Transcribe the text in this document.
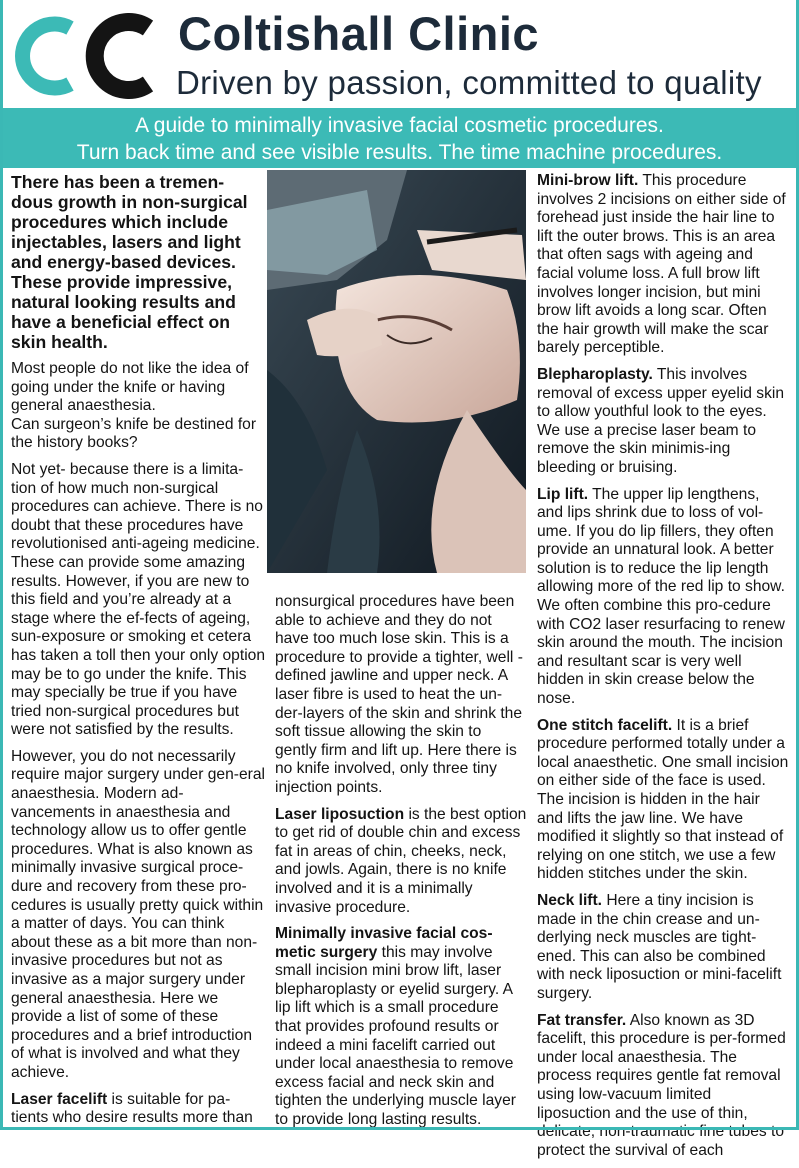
Coltishall Clinic
Driven by passion, committed to quality
A guide to minimally invasive facial cosmetic procedures.
Turn back time and see visible results. The time machine procedures.

There has been a tremen-dous growth in non-surgical procedures which include injectables, lasers and light and energy-based devices. These provide impressive, natural looking results and have a beneficial effect on skin health.

Most people do not like the idea of going under the knife or having general anaesthesia.
Can surgeon’s knife be destined for the history books?

Not yet- because there is a limita-tion of how much non-surgical procedures can achieve. There is no doubt that these procedures have revolutionised anti-ageing medicine. These can provide some amazing results. However, if you are new to this field and you’re already at a stage where the ef-fects of ageing, sun-exposure or smoking et cetera has taken a toll then your only option may be to go under the knife. This may specially be true if you have tried non-surgical procedures but were not satisfied by the results.

However, you do not necessarily require major surgery under gen-eral anaesthesia. Modern ad-vancements in anaesthesia and technology allow us to offer gentle procedures. What is also known as minimally invasive surgical proce-dure and recovery from these pro-cedures is usually pretty quick within a matter of days. You can think about these as a bit more than non-invasive procedures but not as invasive as a major surgery under general anaesthesia. Here we provide a list of some of these procedures and a brief introduction of what is involved and what they achieve.

Laser facelift is suitable for pa-tients who desire results more than

nonsurgical procedures have been able to achieve and they do not have too much lose skin. This is a procedure to provide a tighter, well -defined jawline and upper neck. A laser fibre is used to heat the un-der-layers of the skin and shrink the soft tissue allowing the skin to gently firm and lift up. Here there is no knife involved, only three tiny injection points.

Laser liposuction is the best option to get rid of double chin and excess fat in areas of chin, cheeks, neck, and jowls. Again, there is no knife involved and it is a minimally invasive procedure.

Minimally invasive facial cos-metic surgery this may involve small incision mini brow lift, laser blepharoplasty or eyelid surgery. A lip lift which is a small procedure that provides profound results or indeed a mini facelift carried out under local anaesthesia to remove excess facial and neck skin and tighten the underlying muscle layer to provide long lasting results.

Mini-brow lift. This procedure involves 2 incisions on either side of forehead just inside the hair line to lift the outer brows. This is an area that often sags with ageing and facial volume loss. A full brow lift involves longer incision, but mini brow lift avoids a long scar. Often the hair growth will make the scar barely perceptible.

Blepharoplasty. This involves removal of excess upper eyelid skin to allow youthful look to the eyes. We use a precise laser beam to remove the skin minimis-ing bleeding or bruising.

Lip lift. The upper lip lengthens, and lips shrink due to loss of vol-ume. If you do lip fillers, they often provide an unnatural look. A better solution is to reduce the lip length allowing more of the red lip to show. We often combine this pro-cedure with CO2 laser resurfacing to renew skin around the mouth. The incision and resultant scar is very well hidden in skin crease below the nose.

One stitch facelift. It is a brief procedure performed totally under a local anaesthetic. One small incision on either side of the face is used. The incision is hidden in the hair and lifts the jaw line. We have modified it slightly so that instead of relying on one stitch, we use a few hidden stitches under the skin.

Neck lift. Here a tiny incision is made in the chin crease and un-derlying neck muscles are tight-ened. This can also be combined with neck liposuction or mini-facelift surgery.

Fat transfer. Also known as 3D facelift, this procedure is per-formed under local anaesthesia. The process requires gentle fat removal using low-vacuum limited liposuction and the use of thin, delicate, non-traumatic fine tubes to protect the survival of each
